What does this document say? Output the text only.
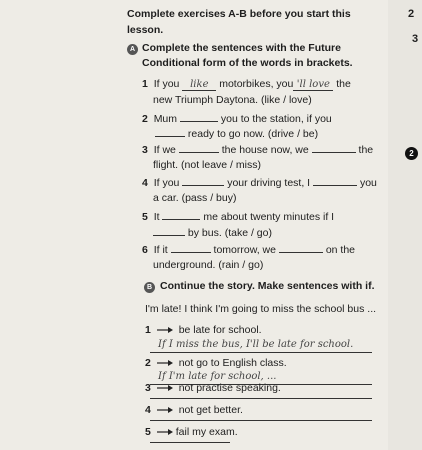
Complete exercises A-B before you start this
lesson.
2
3
2
A Complete the sentences with the Future
Conditional form of the words in brackets.
1 If you like motorbikes, you 'll love the
new Triumph Daytona. (like / love)
2 Mum	you to the station, if you
ready to go now. (drive / be)
3 If we	the house now, we	the
flight. (not leave / miss)
4 If you	your driving test, I	you
a car. (pass / buy)
5 It	me about twenty minutes if I
by bus. (take / go)
6 If it	tomorrow, we	on the
underground. (rain / go)
B Continue the story. Make sentences with if.
I'm late! I think I'm going to miss the school bus ...
1	be late for school.
If I miss the bus, I'll be late for school.
2	not go to English class.
If I'm late for school, ...
3	not practise speaking.
4	not get better.
5 fail my exam.
